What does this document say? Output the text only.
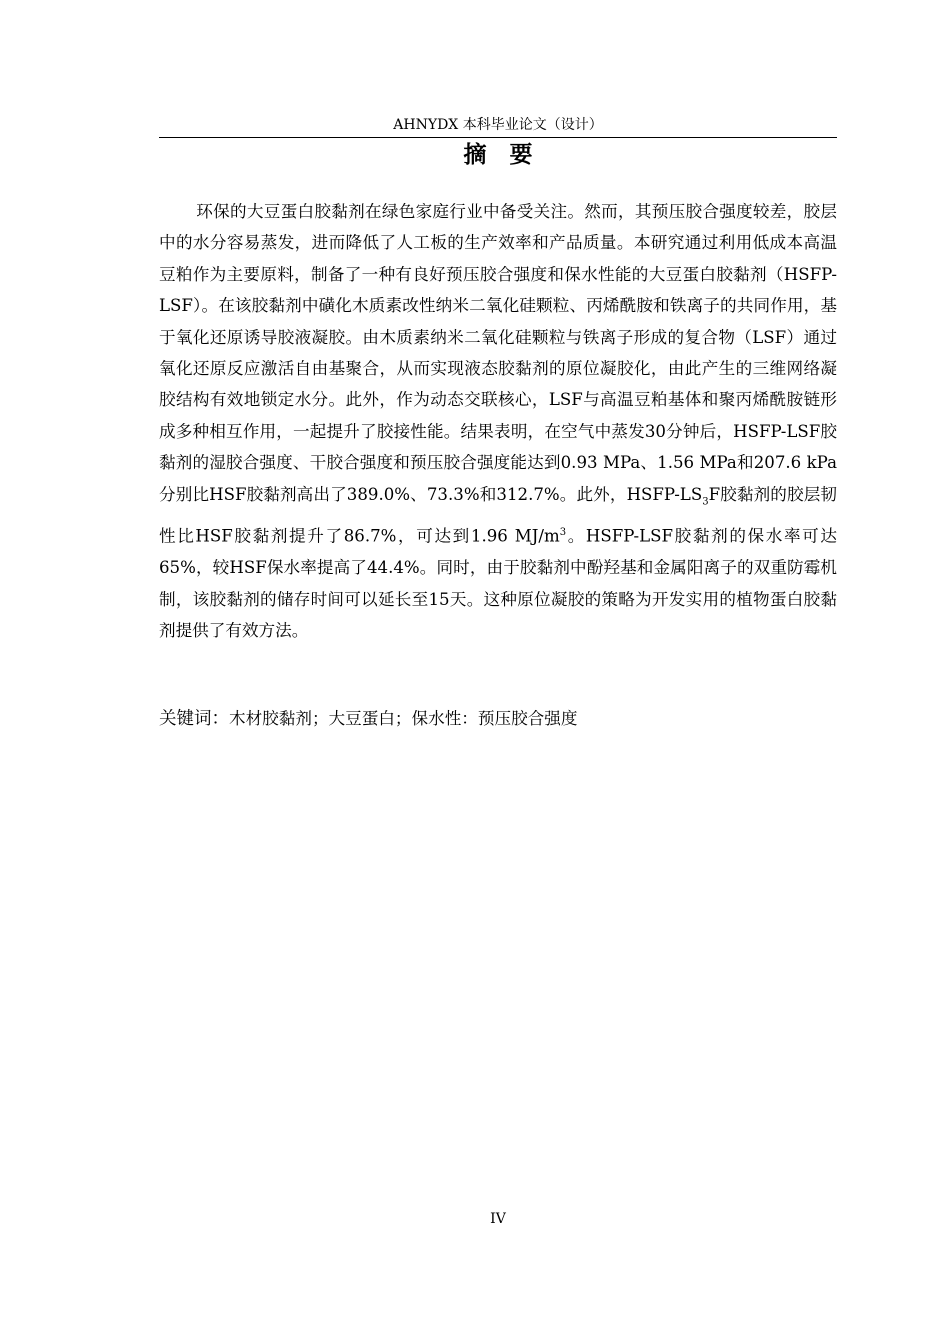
AHNYDX 本科毕业论文（设计）
摘　要

环保的大豆蛋白胶黏剂在绿色家庭行业中备受关注。然而，其预压胶合强度较差，胶层中的水分容易蒸发，进而降低了人工板的生产效率和产品质量。本研究通过利用低成本高温豆粕作为主要原料，制备了一种有良好预压胶合强度和保水性能的大豆蛋白胶黏剂（HSFP-LSF）。在该胶黏剂中磺化木质素改性纳米二氧化硅颗粒、丙烯酰胺和铁离子的共同作用，基于氧化还原诱导胶液凝胶。由木质素纳米二氧化硅颗粒与铁离子形成的复合物（LSF）通过氧化还原反应激活自由基聚合，从而实现液态胶黏剂的原位凝胶化，由此产生的三维网络凝胶结构有效地锁定水分。此外，作为动态交联核心，LSF与高温豆粕基体和聚丙烯酰胺链形成多种相互作用，一起提升了胶接性能。结果表明，在空气中蒸发30分钟后，HSFP-LSF胶黏剂的湿胶合强度、干胶合强度和预压胶合强度能达到0.93 MPa、1.56 MPa和207.6 kPa分别比HSF胶黏剂高出了389.0%、73.3%和312.7%。此外，HSFP-$LS_3F$胶黏剂的胶层韧性比HSF胶黏剂提升了86.7%，可达到1.96 $MJ/m^3$。HSFP-LSF胶黏剂的保水率可达65%，较HSF保水率提高了44.4%。同时，由于胶黏剂中酚羟基和金属阳离子的双重防霉机制，该胶黏剂的储存时间可以延长至15天。这种原位凝胶的策略为开发实用的植物蛋白胶黏剂提供了有效方法。

关键词：木材胶黏剂；大豆蛋白；保水性：预压胶合强度
IV
